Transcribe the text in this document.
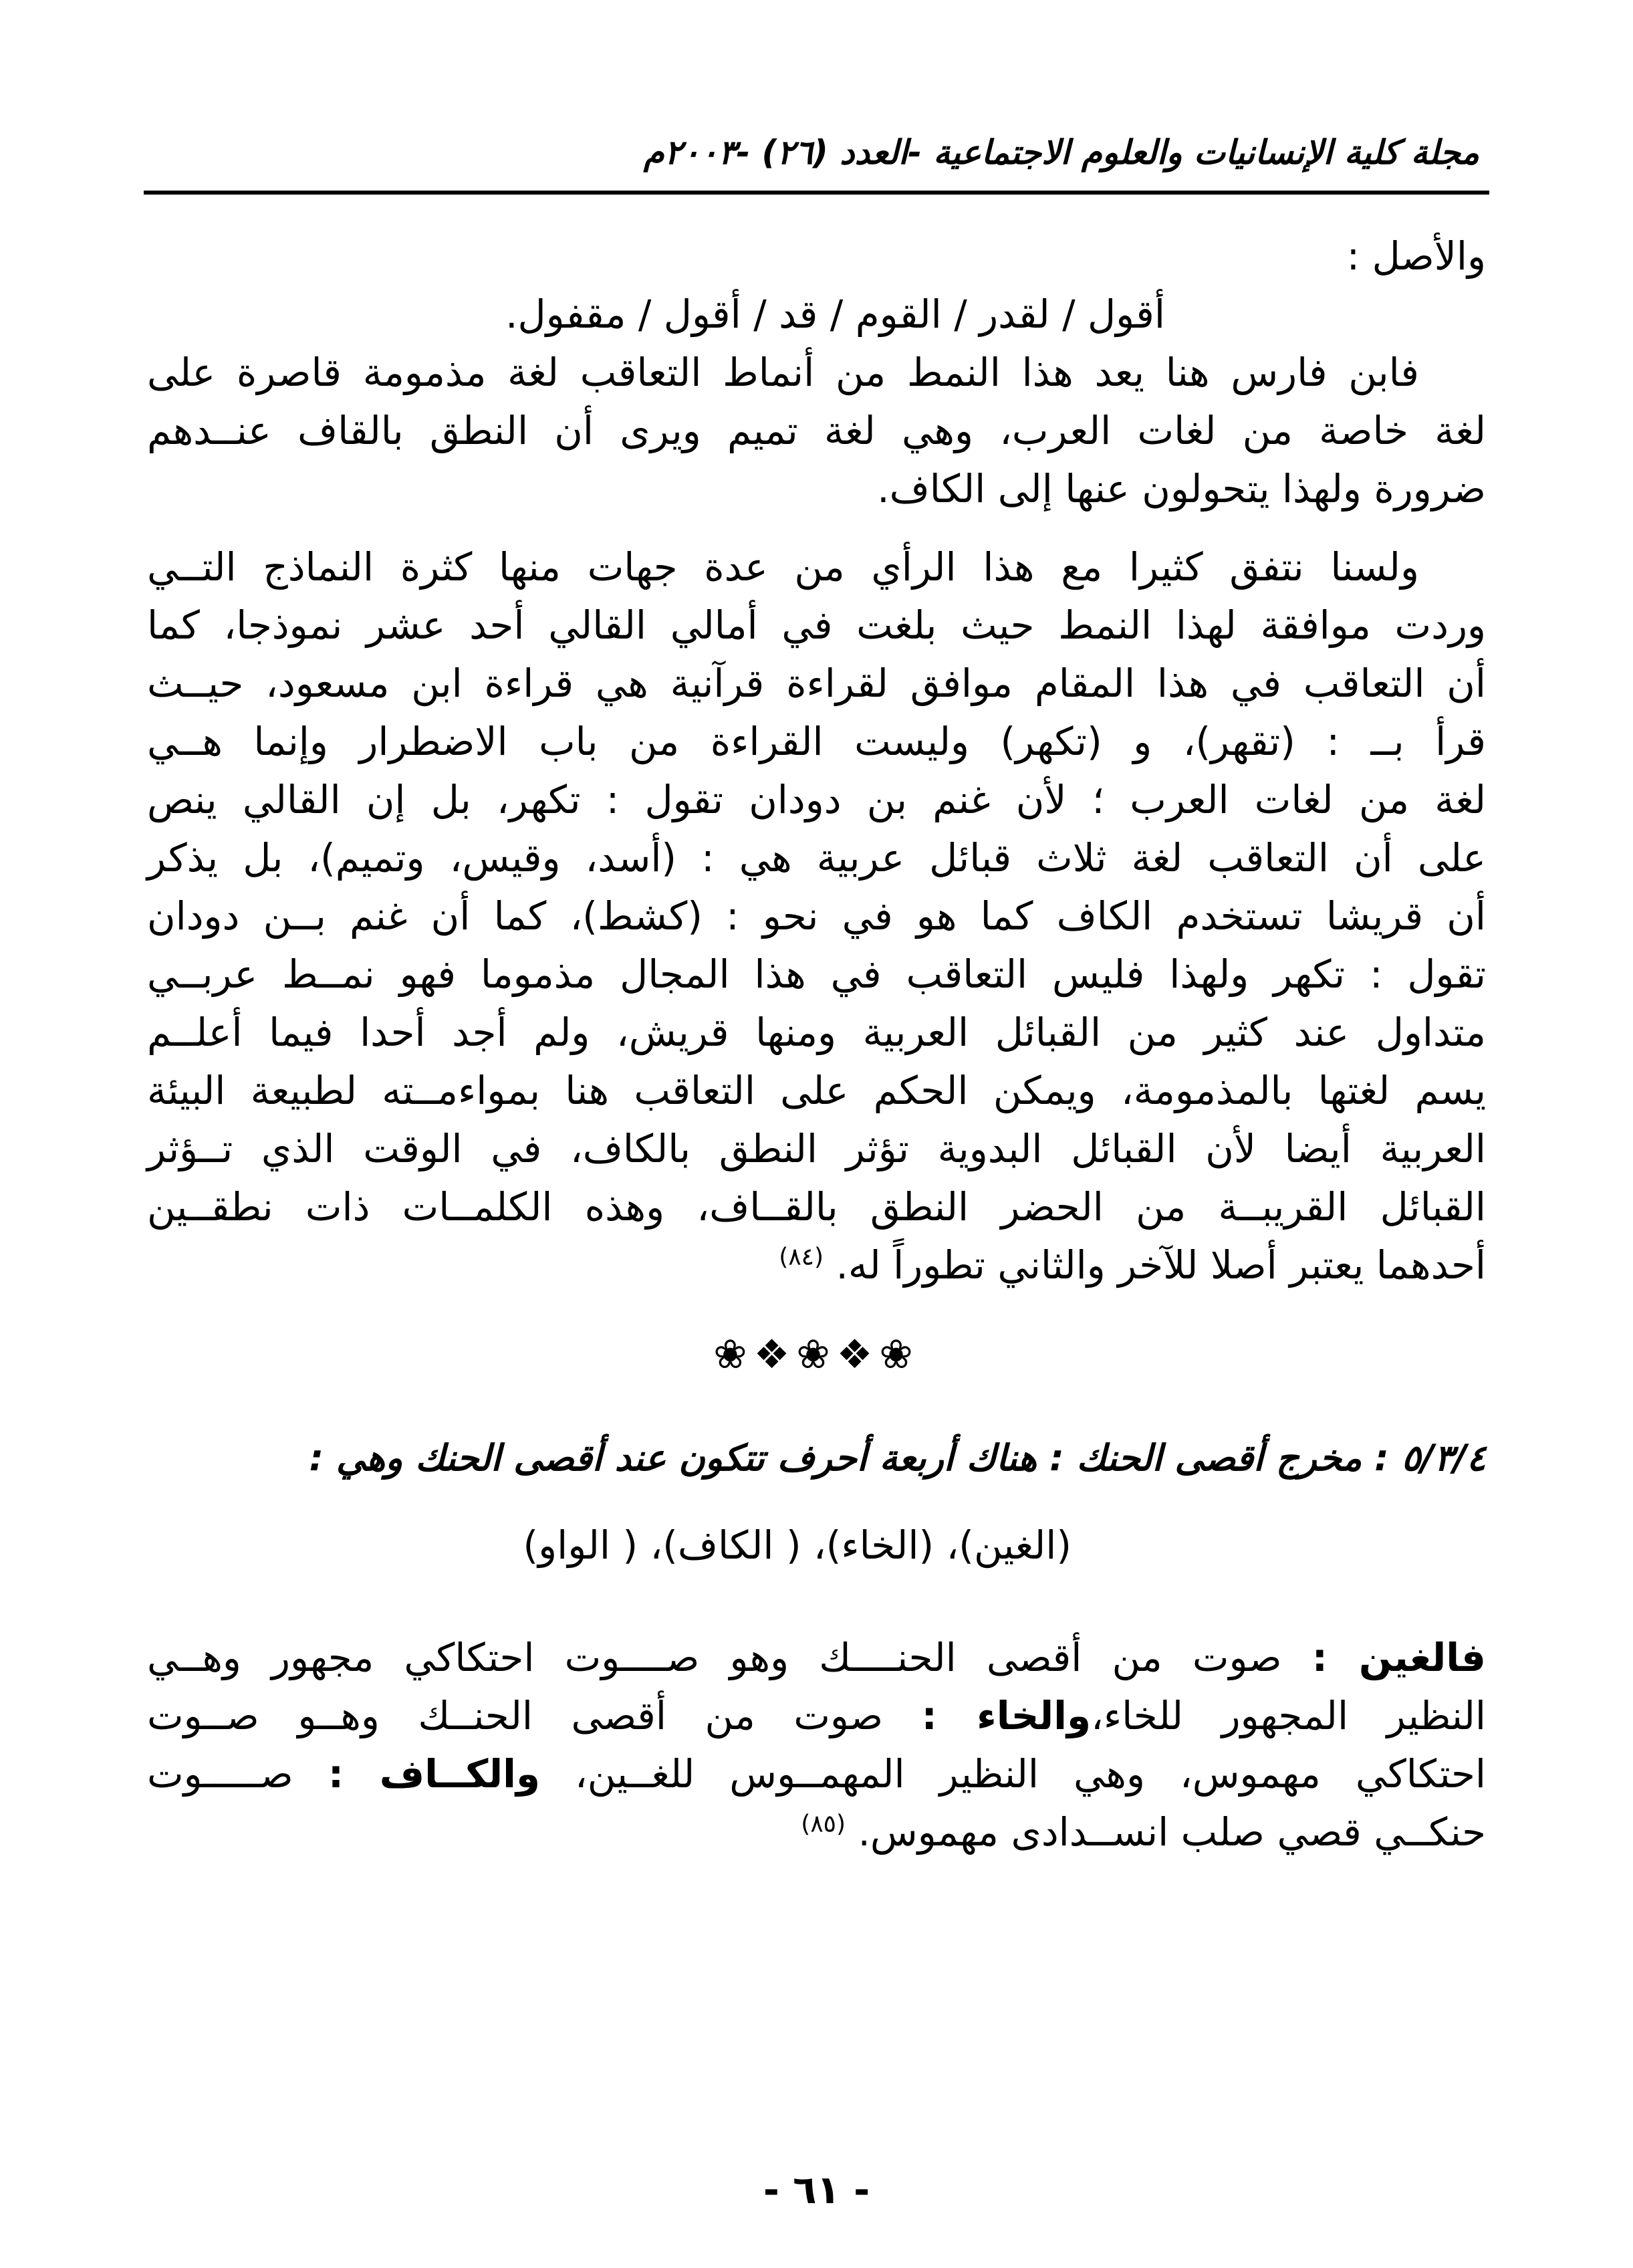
مجلة كلية الإنسانيات والعلوم الاجتماعية -العدد (٢٦) -٢٠٠٣م
والأصل :
أقول / لقدر / القوم / قد / أقول / مقفول.
فابن فارس هنا يعد هذا النمط من أنماط التعاقب لغة مذمومة قاصرة على
لغة خاصة من لغات العرب، وهي لغة تميم ويرى أن النطق بالقاف عنــدهم
ضرورة ولهذا يتحولون عنها إلى الكاف.
ولسنا نتفق كثيرا مع هذا الرأي من عدة جهات منها كثرة النماذج التــي
وردت موافقة لهذا النمط حيث بلغت في أمالي القالي أحد عشر نموذجا، كما
أن التعاقب في هذا المقام موافق لقراءة قرآنية هي قراءة ابن مسعود، حيــث
قرأ بــ : (تقهر)، و (تكهر) وليست القراءة من باب الاضطرار وإنما هــي
لغة من لغات العرب ؛ لأن غنم بن دودان تقول : تكهر، بل إن القالي ينص
على أن التعاقب لغة ثلاث قبائل عربية هي : (أسد، وقيس، وتميم)، بل يذكر
أن قريشا تستخدم الكاف كما هو في نحو : (كشط)، كما أن غنم بــن دودان
تقول : تكهر ولهذا فليس التعاقب في هذا المجال مذموما فهو نمــط عربــي
متداول عند كثير من القبائل العربية ومنها قريش، ولم أجد أحدا فيما أعلــم
يسم لغتها بالمذمومة، ويمكن الحكم على التعاقب هنا بمواءمــته لطبيعة البيئة
العربية أيضا لأن القبائل البدوية تؤثر النطق بالكاف، في الوقت الذي تــؤثر
القبائل القريبــة من الحضر النطق بالقــاف، وهذه الكلمــات ذات نطقــين
أحدهما يعتبر أصلا للآخر والثاني تطوراً له. $^{(٨٤)}$
❀❖❀❖❀
٥/٣/٤ : مخرج أقصى الحنك : هناك أربعة أحرف تتكون عند أقصى الحنك وهي :
(الغين)، (الخاء)، ( الكاف)، ( الواو)
فالغين : صوت من أقصى الحنــــك وهو صــــوت احتكاكي مجهور وهــي
النظير المجهور للخاء،والخاء : صوت من أقصى الحنــك وهــو صــوت
احتكاكي مهموس، وهي النظير المهمــوس للغــين، والكــاف : صـــــوت
حنكــي قصي صلب انســدادى مهموس. $^{(٨٥)}$
- ٦١ -
